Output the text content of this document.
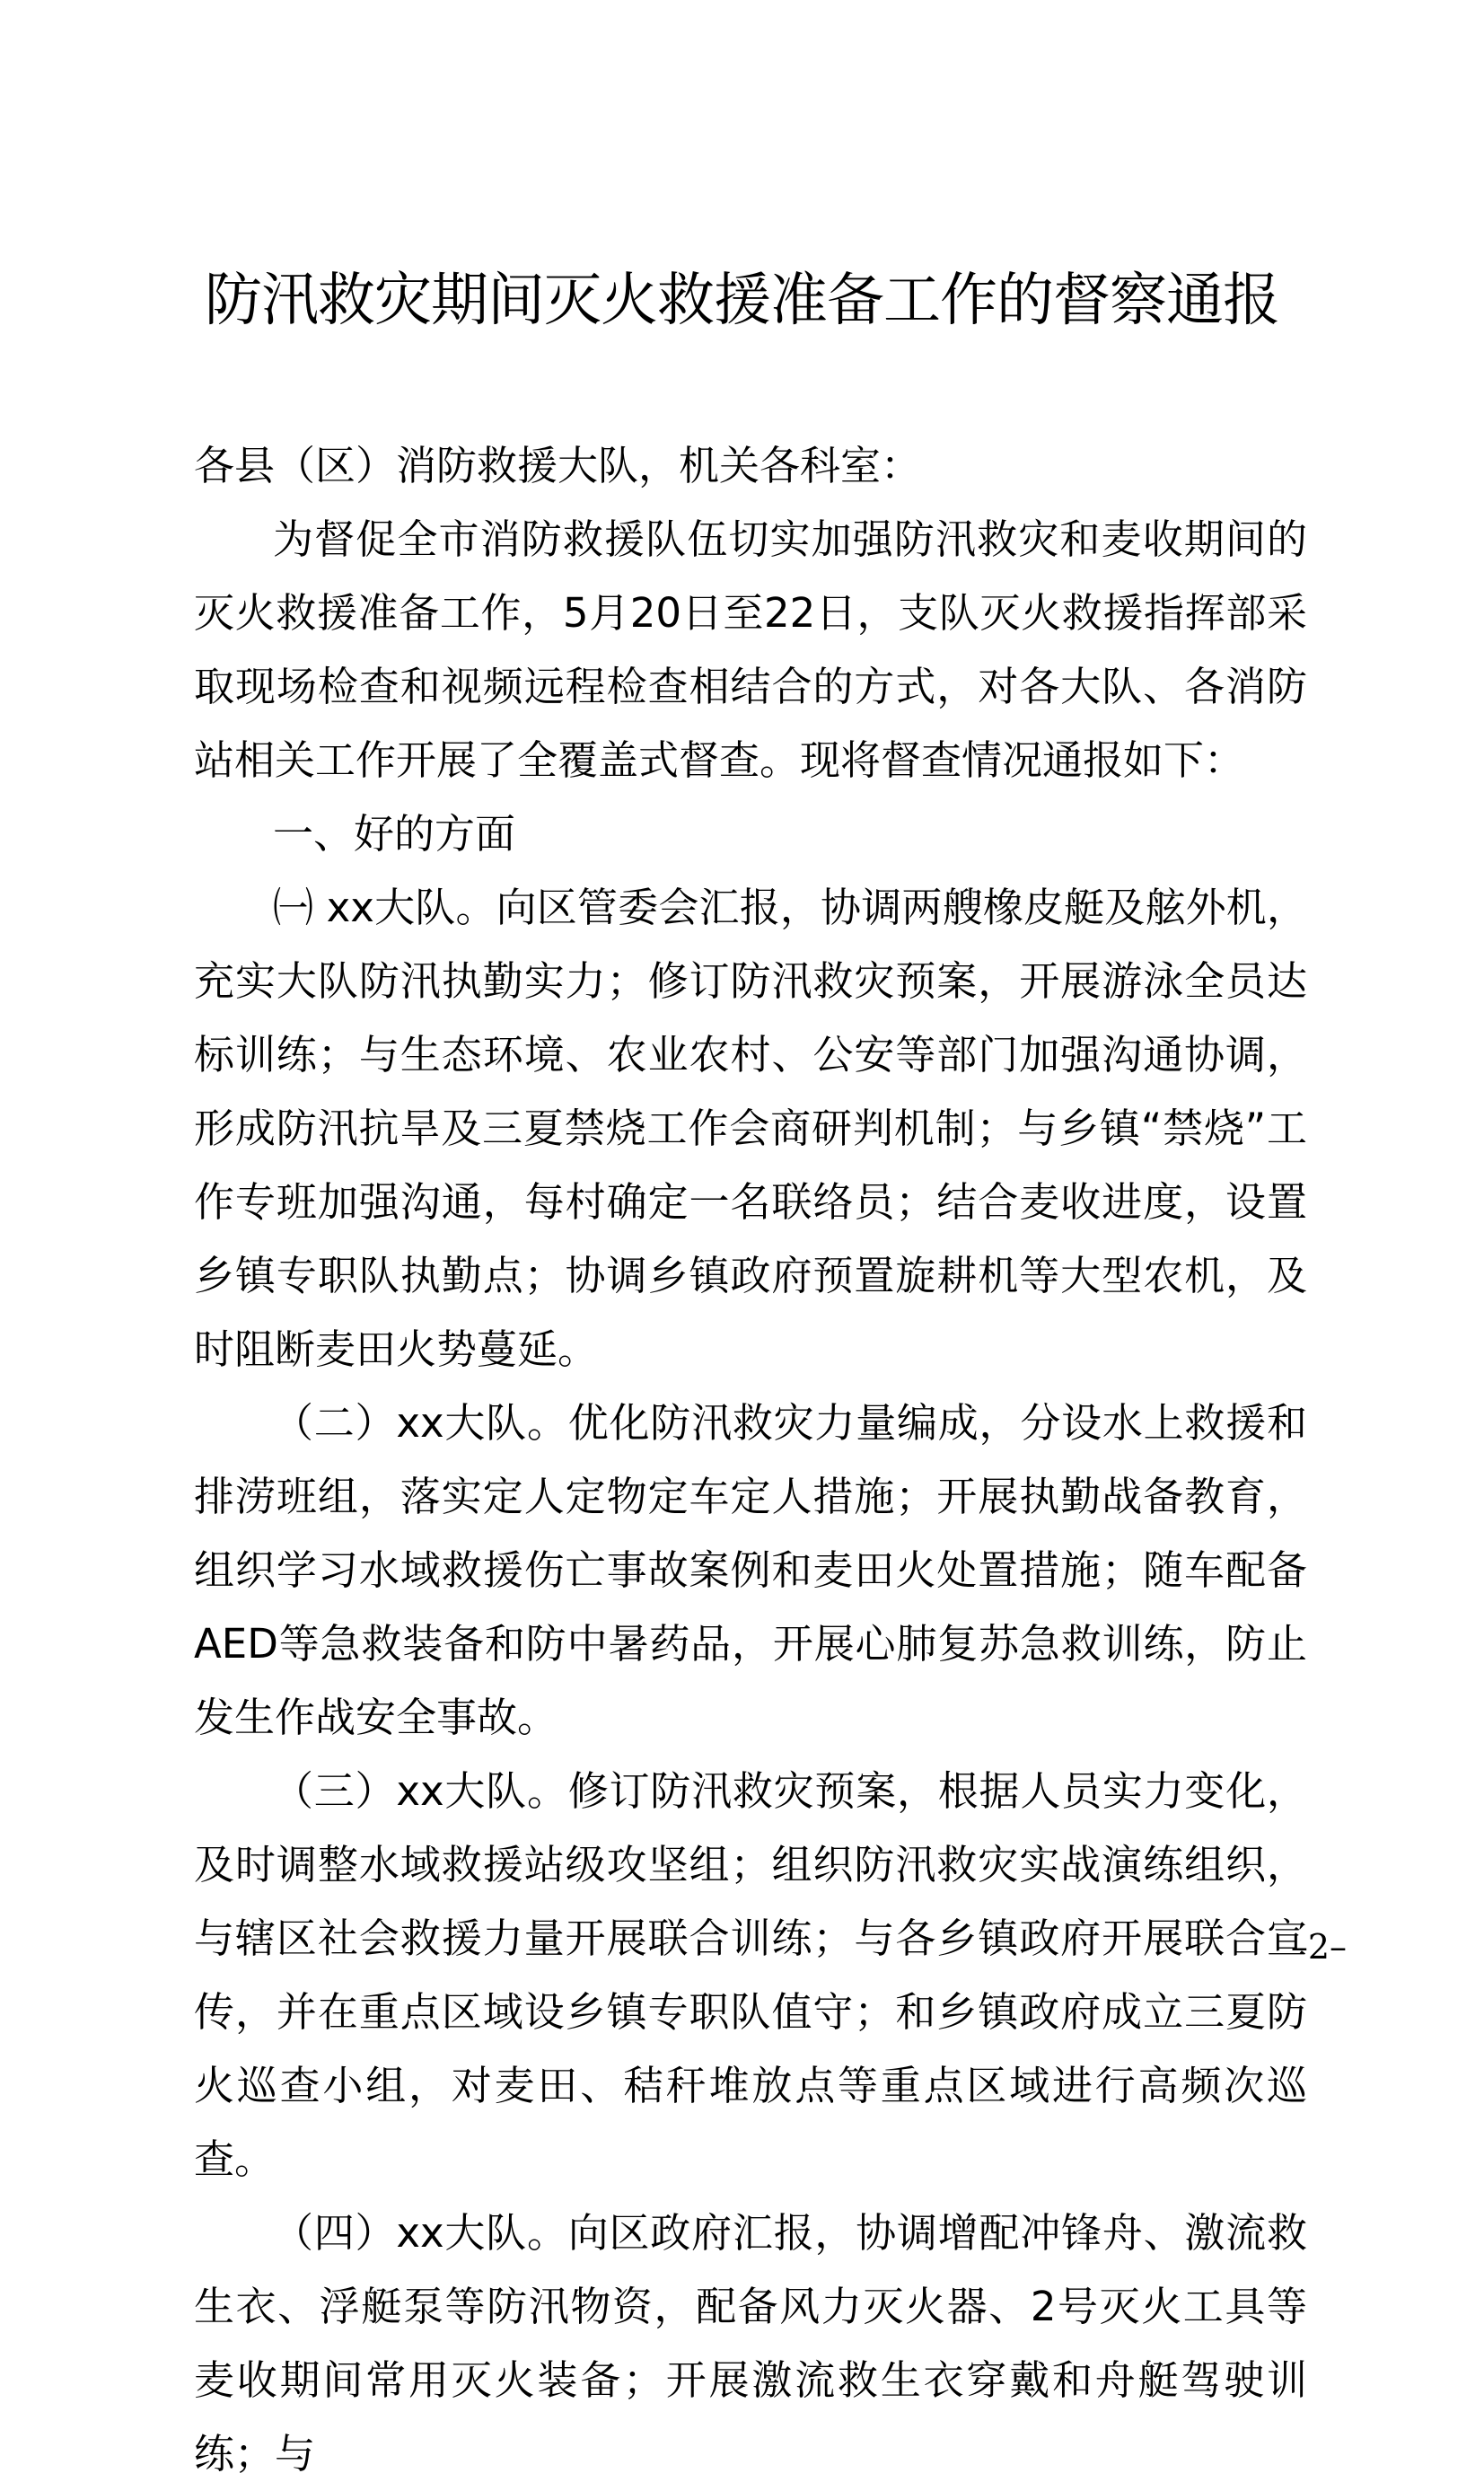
防汛救灾期间灭火救援准备工作的督察通报

各县（区）消防救援大队，机关各科室：

为督促全市消防救援队伍切实加强防汛救灾和麦收期间的灭火救援准备工作，5月20日至22日，支队灭火救援指挥部采取现场检查和视频远程检查相结合的方式，对各大队、各消防站相关工作开展了全覆盖式督查。现将督查情况通报如下：

一、好的方面

㈠ xx大队。向区管委会汇报，协调两艘橡皮艇及舷外机，充实大队防汛执勤实力；修订防汛救灾预案，开展游泳全员达标训练；与生态环境、农业农村、公安等部门加强沟通协调，形成防汛抗旱及三夏禁烧工作会商研判机制；与乡镇“禁烧”工作专班加强沟通，每村确定一名联络员；结合麦收进度，设置乡镇专职队执勤点；协调乡镇政府预置旋耕机等大型农机，及时阻断麦田火势蔓延。

（二）xx大队。优化防汛救灾力量编成，分设水上救援和排涝班组，落实定人定物定车定人措施；开展执勤战备教育，组织学习水域救援伤亡事故案例和麦田火处置措施；随车配备AED等急救装备和防中暑药品，开展心肺复苏急救训练，防止发生作战安全事故。

（三）xx大队。修订防汛救灾预案，根据人员实力变化，及时调整水域救援站级攻坚组；组织防汛救灾实战演练组织，与辖区社会救援力量开展联合训练；与各乡镇政府开展联合宣传，并在重点区域设乡镇专职队值守；和乡镇政府成立三夏防火巡查小组，对麦田、秸秆堆放点等重点区域进行高频次巡查。

（四）xx大队。向区政府汇报，协调增配冲锋舟、激流救生衣、浮艇泵等防汛物资，配备风力灭火器、2号灭火工具等麦收期间常用灭火装备；开展激流救生衣穿戴和舟艇驾驶训练；与

–2–
